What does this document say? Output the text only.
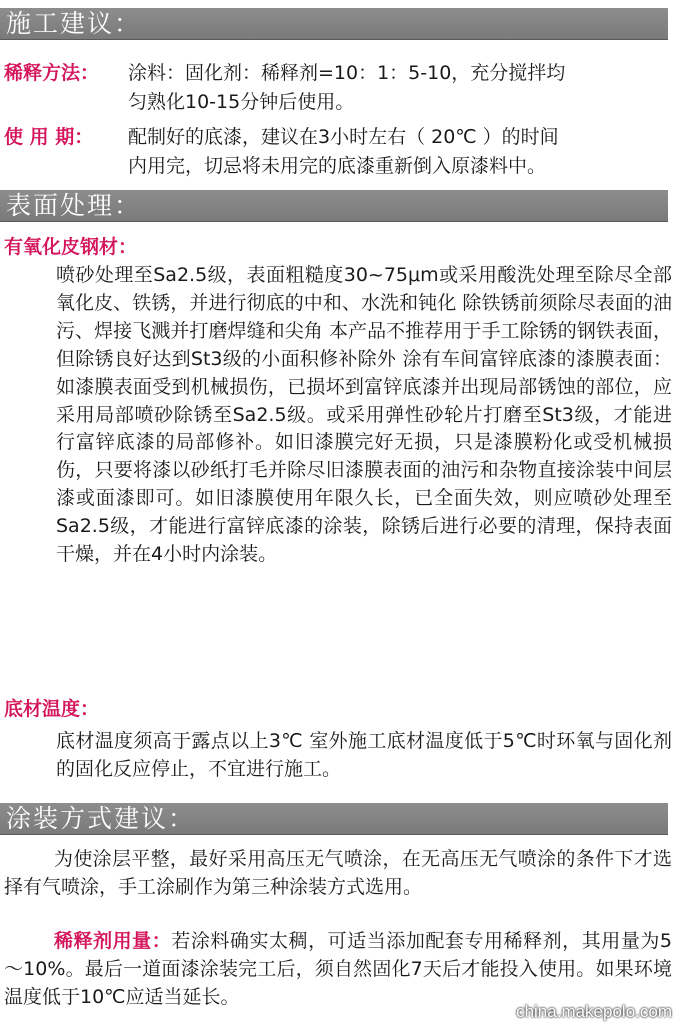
施工建议：
稀释方法： 涂料：固化剂：稀释剂=10：1：5-10，充分搅拌均
匀熟化10-15分钟后使用。
使 用 期： 配制好的底漆，建议在3小时左右（ 20℃ ）的时间
内用完，切忌将未用完的底漆重新倒入原漆料中。
表面处理：
有氧化皮钢材：
喷砂处理至Sa2.5级，表面粗糙度30~75μm或采用酸洗处理至除尽全部氧化皮、铁锈，并进行彻底的中和、水洗和钝化 除铁锈前须除尽表面的油污、焊接飞溅并打磨焊缝和尖角 本产品不推荐用于手工除锈的钢铁表面，但除锈良好达到St3级的小面积修补除外 涂有车间富锌底漆的漆膜表面：如漆膜表面受到机械损伤，已损坏到富锌底漆并出现局部锈蚀的部位，应采用局部喷砂除锈至Sa2.5级。或采用弹性砂轮片打磨至St3级，才能进行富锌底漆的局部修补。如旧漆膜完好无损，只是漆膜粉化或受机械损伤，只要将漆以砂纸打毛并除尽旧漆膜表面的油污和杂物直接涂装中间层漆或面漆即可。如旧漆膜使用年限久长，已全面失效，则应喷砂处理至Sa2.5级，才能进行富锌底漆的涂装，除锈后进行必要的清理，保持表面干燥，并在4小时内涂装。
底材温度：
底材温度须高于露点以上3℃ 室外施工底材温度低于5℃时环氧与固化剂的固化反应停止，不宜进行施工。
涂装方式建议：
为使涂层平整，最好采用高压无气喷涂，在无高压无气喷涂的条件下才选择有气喷涂，手工涂刷作为第三种涂装方式选用。
稀释剂用量：若涂料确实太稠，可适当添加配套专用稀释剂，其用量为5～10%。最后一道面漆涂装完工后，须自然固化7天后才能投入使用。如果环境温度低于10℃应适当延长。
china.makepolo.com
